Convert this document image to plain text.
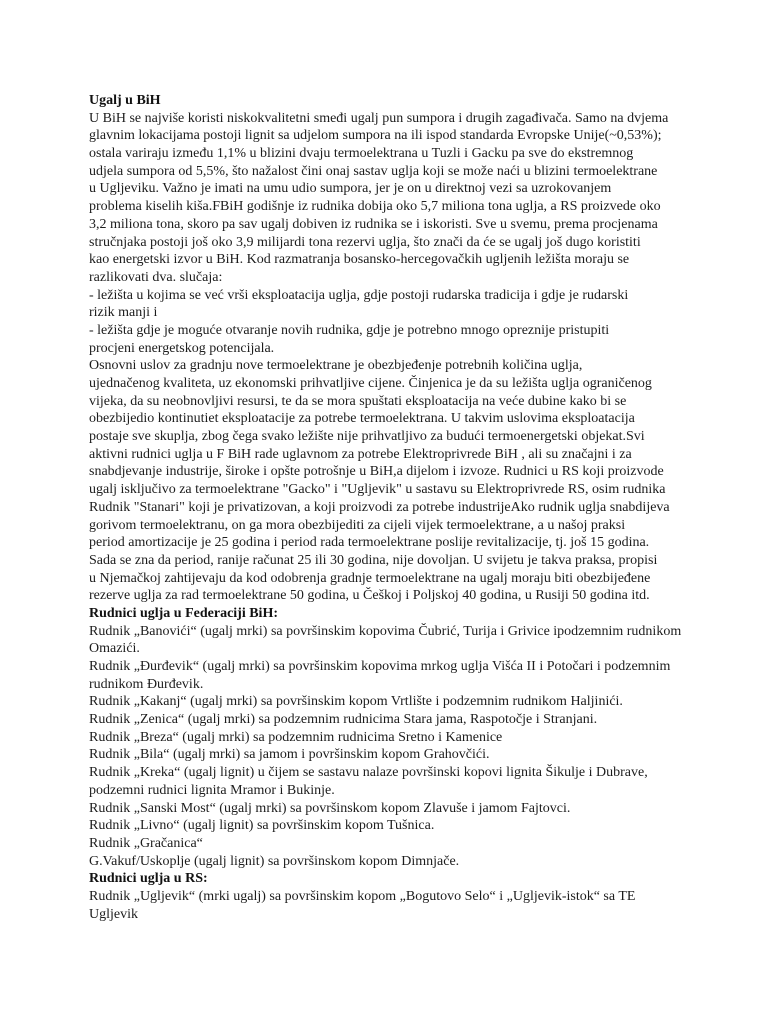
Ugalj u BiH
U BiH se najviše koristi niskokvalitetni smeđi ugalj pun sumpora i drugih zagađivača. Samo na dvjema
glavnim lokacijama postoji lignit sa udjelom sumpora na ili ispod standarda Evropske Unije(~0,53%);
ostala variraju između 1,1% u blizini dvaju termoelektrana u Tuzli i Gacku pa sve do ekstremnog
udjela sumpora od 5,5%, što nažalost čini onaj sastav uglja koji se može naći u blizini termoelektrane
u Ugljeviku. Važno je imati na umu udio sumpora, jer je on u direktnoj vezi sa uzrokovanjem
problema kiselih kiša.FBiH godišnje iz rudnika dobija oko 5,7 miliona tona uglja, a RS proizvede oko
3,2 miliona tona, skoro pa sav ugalj dobiven iz rudnika se i iskoristi. Sve u svemu, prema procjenama
stručnjaka postoji još oko 3,9 milijardi tona rezervi uglja, što znači da će se ugalj još dugo koristiti
kao energetski izvor u BiH. Kod razmatranja bosansko-hercegovačkih ugljenih ležišta moraju se
razlikovati dva. slučaja:
- ležišta u kojima se već vrši eksploatacija uglja, gdje postoji rudarska tradicija i gdje je rudarski
rizik manji i
- ležišta gdje je moguće otvaranje novih rudnika, gdje je potrebno mnogo opreznije pristupiti
procjeni energetskog potencijala.
Osnovni uslov za gradnju nove termoelektrane je obezbjeđenje potrebnih količina uglja,
ujednačenog kvaliteta, uz ekonomski prihvatljive cijene. Činjenica je da su ležišta uglja ograničenog
vijeka, da su neobnovljivi resursi, te da se mora spuštati eksploatacija na veće dubine kako bi se
obezbijedio kontinutiet eksploatacije za potrebe termoelektrana. U takvim uslovima eksploatacija
postaje sve skuplja, zbog čega svako ležište nije prihvatljivo za budući termoenergetski objekat.Svi
aktivni rudnici uglja u F BiH rade uglavnom za potrebe Elektroprivrede BiH , ali su značajni i za
snabdjevanje industrije, široke i opšte potrošnje u BiH,a dijelom i izvoze. Rudnici u RS koji proizvode
ugalj isključivo za termoelektrane "Gacko" i "Ugljevik" u sastavu su Elektroprivrede RS, osim rudnika
Rudnik "Stanari" koji je privatizovan, a koji proizvodi za potrebe industrijeAko rudnik uglja snabdijeva
gorivom termoelektranu, on ga mora obezbijediti za cijeli vijek termoelektrane, a u našoj praksi
period amortizacije je 25 godina i period rada termoelektrane poslije revitalizacije, tj. još 15 godina.
Sada se zna da period, ranije računat 25 ili 30 godina, nije dovoljan. U svijetu je takva praksa, propisi
u Njemačkoj zahtijevaju da kod odobrenja gradnje termoelektrane na ugalj moraju biti obezbijeđene
rezerve uglja za rad termoelektrane 50 godina, u Češkoj i Poljskoj 40 godina, u Rusiji 50 godina itd.
Rudnici uglja u Federaciji BiH:
Rudnik „Banovići“ (ugalj mrki) sa površinskim kopovima Čubrić, Turija i Grivice ipodzemnim rudnikom
Omazići.
Rudnik „Đurđevik“ (ugalj mrki) sa površinskim kopovima mrkog uglja Višća II i Potočari i podzemnim
rudnikom Đurđevik.
Rudnik „Kakanj“ (ugalj mrki) sa površinskim kopom Vrtlište i podzemnim rudnikom Haljinići.
Rudnik „Zenica“ (ugalj mrki) sa podzemnim rudnicima Stara jama, Raspotočje i Stranjani.
Rudnik „Breza“ (ugalj mrki) sa podzemnim rudnicima Sretno i Kamenice
Rudnik „Bila“ (ugalj mrki) sa jamom i površinskim kopom Grahovčići.
Rudnik „Kreka“ (ugalj lignit) u čijem se sastavu nalaze površinski kopovi lignita Šikulje i Dubrave,
podzemni rudnici lignita Mramor i Bukinje.
Rudnik „Sanski Most“ (ugalj mrki) sa površinskom kopom Zlavuše i jamom Fajtovci.
Rudnik „Livno“ (ugalj lignit) sa površinskim kopom Tušnica.
Rudnik „Gračanica“
G.Vakuf/Uskoplje (ugalj lignit) sa površinskom kopom Dimnjače.
Rudnici uglja u RS:
Rudnik „Ugljevik“ (mrki ugalj) sa površinskim kopom „Bogutovo Selo“ i „Ugljevik-istok“ sa TE
Ugljevik
